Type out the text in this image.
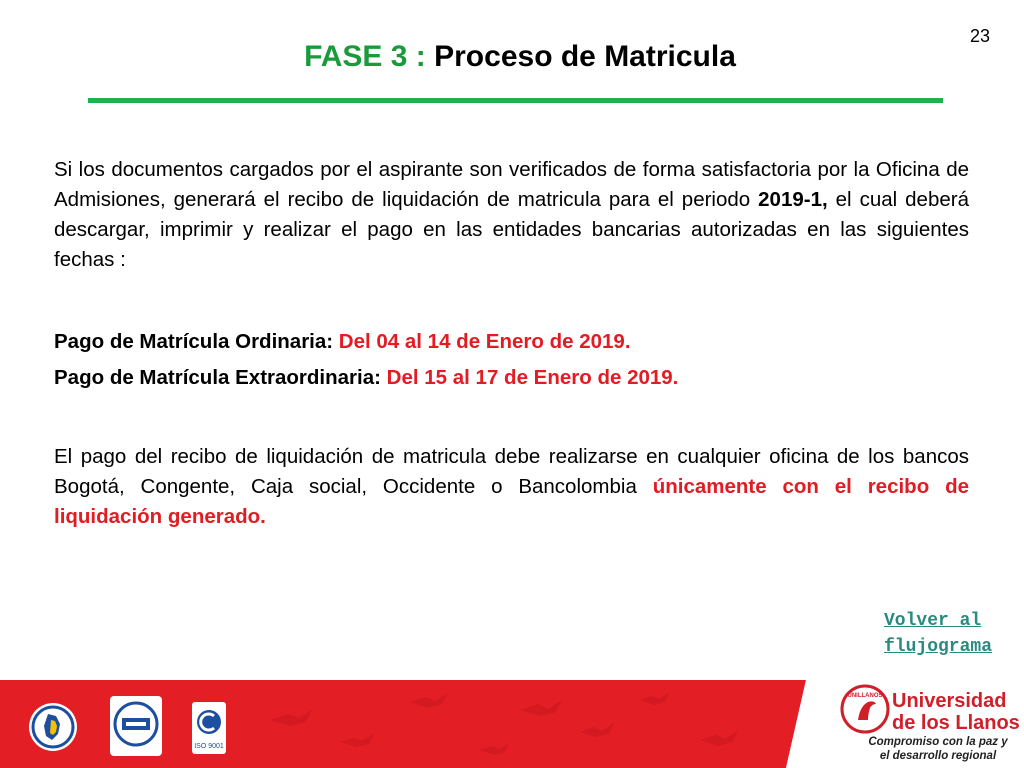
23
FASE 3 : Proceso de Matricula
Si los documentos cargados por el aspirante son verificados de forma satisfactoria por la Oficina de Admisiones, generará el recibo de liquidación de matricula para el periodo 2019-1, el cual deberá descargar, imprimir y realizar el pago en las entidades bancarias autorizadas en las siguientes fechas :
Pago de Matrícula Ordinaria: Del 04 al 14 de Enero de 2019.
Pago de Matrícula Extraordinaria: Del 15 al 17 de Enero de 2019.
El pago del recibo de liquidación de matricula debe realizarse en cualquier oficina de los bancos  Bogotá, Congente, Caja social, Occidente o Bancolombia únicamente con el recibo de liquidación generado.
Volver al
flujograma
ISO 9001
UNILLANOS Universidad
de los Llanos
Compromiso con la paz y
el desarrollo regional
